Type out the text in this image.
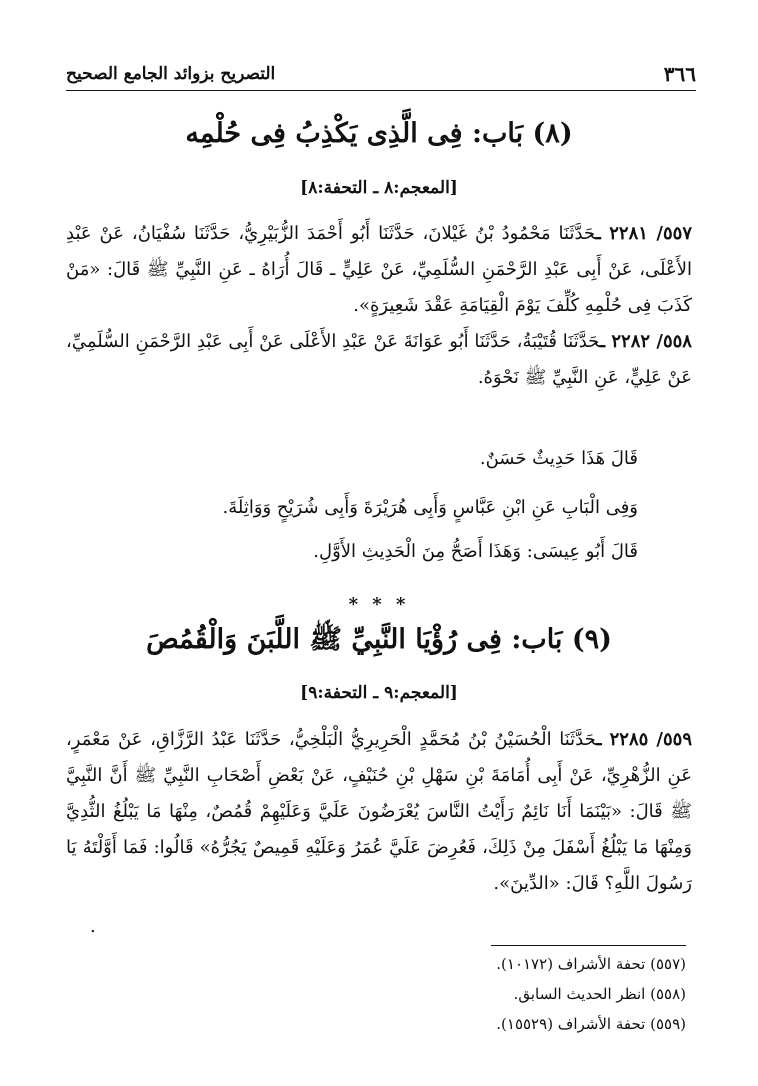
٣٦٦
التصريح بزوائد الجامع الصحيح
(٨) بَاب: فِى الَّذِى يَكْذِبُ فِى حُلْمِه
[المعجم:٨ ـ التحفة:٨]

٥٥٧/ ٢٢٨١ ـحَدَّثَنَا مَحْمُودُ بْنُ غَيْلانَ، حَدَّثَنَا أَبُو أَحْمَدَ الزُّبَيْرِيُّ، حَدَّثَنَا سُفْيَانُ، عَنْ عَبْدِ الأَعْلَى، عَنْ أَبِى عَبْدِ الرَّحْمَنِ السُّلَمِيِّ، عَنْ عَلِيٍّ ـ قَالَ أُرَاهُ ـ عَنِ النَّبِيِّ ﷺ قَالَ: «مَنْ كَذَبَ فِى حُلْمِهِ كُلِّفَ يَوْمَ الْقِيَامَةِ عَقْدَ شَعِيرَةٍ».

٥٥٨/ ٢٢٨٢ ـحَدَّثَنَا قُتَيْبَةُ، حَدَّثَنَا أَبُو عَوَانَةَ عَنْ عَبْدِ الأَعْلَى عَنْ أَبِى عَبْدِ الرَّحْمَنِ السُّلَمِيِّ، عَنْ عَلِيٍّ، عَنِ النَّبِيِّ ﷺ نَحْوَهُ.

قَالَ هَذَا حَدِيثٌ حَسَنٌ.
وَفِى الْبَابِ عَنِ ابْنِ عَبَّاسٍ وَأَبِى هُرَيْرَةَ وَأَبِى شُرَيْحٍ وَوَاثِلَةَ.
قَالَ أَبُو عِيسَى: وَهَذَا أَصَحُّ مِنَ الْحَدِيثِ الأَوَّلِ.
* * *
(٩) بَاب: فِى رُؤْيَا النَّبِيِّ ﷺ اللَّبَنَ وَالْقُمُصَ
[المعجم:٩ ـ التحفة:٩]

٥٥٩/ ٢٢٨٥ ـحَدَّثَنَا الْحُسَيْنُ بْنُ مُحَمَّدٍ الْحَرِيرِيُّ الْبَلْخِيُّ، حَدَّثَنَا عَبْدُ الرَّزَّاقِ، عَنْ مَعْمَرٍ، عَنِ الزُّهْرِيِّ، عَنْ أَبِى أُمَامَةَ بْنِ سَهْلِ بْنِ حُنَيْفٍ، عَنْ بَعْضِ أَصْحَابِ النَّبِيِّ ﷺ أَنَّ النَّبِيَّ ﷺ قَالَ: «بَيْنَمَا أَنَا نَائِمٌ رَأَيْتُ النَّاسَ يُعْرَضُونَ عَلَيَّ وَعَلَيْهِمْ قُمُصٌ، مِنْهَا مَا يَبْلُغُ الثُّدِيَّ وَمِنْهَا مَا يَبْلُغُ أَسْفَلَ مِنْ ذَلِكَ، فَعُرِضَ عَلَيَّ عُمَرُ وَعَلَيْهِ قَمِيصٌ يَجُرُّهُ» قَالُوا: فَمَا أَوَّلْتَهُ يَا رَسُولَ اللَّهِ؟ قَالَ: «الدِّينَ».

.
(٥٥٧) تحفة الأشراف (١٠١٧٢).
(٥٥٨) انظر الحديث السابق.
(٥٥٩) تحفة الأشراف (١٥٥٢٩).
